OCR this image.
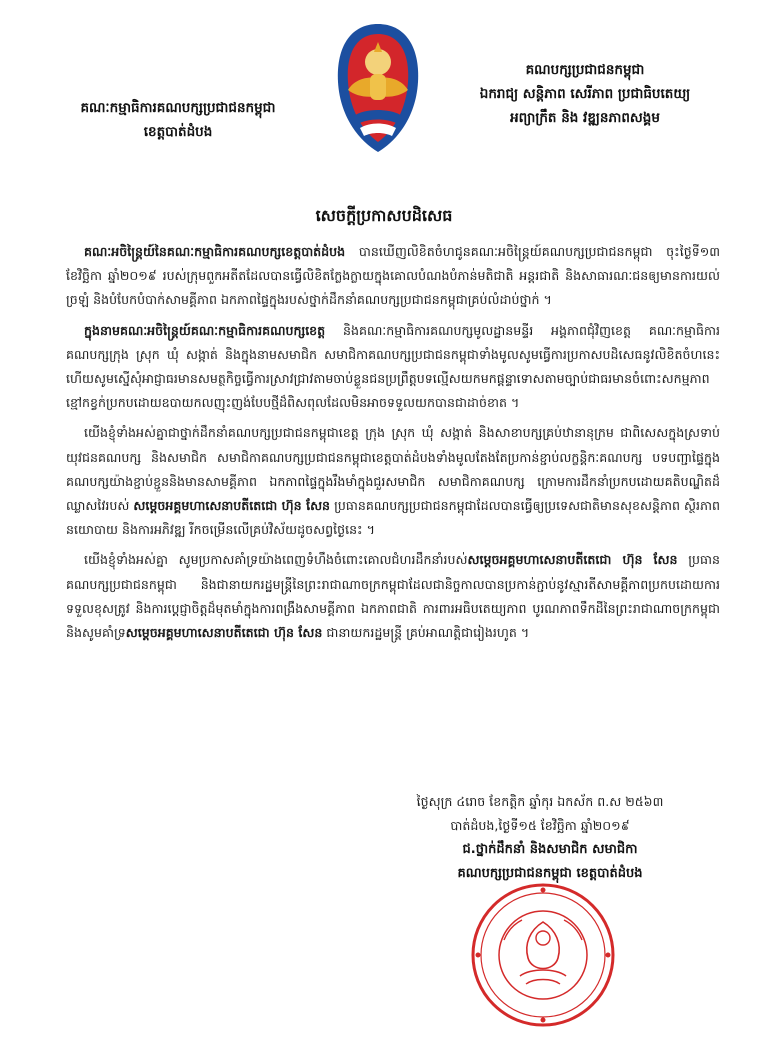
គណៈកម្មាធិការគណបក្សប្រជាជនកម្ពុជា
ខេត្តបាត់ដំបង
គណបក្សប្រជាជនកម្ពុជា
ឯករាជ្យ សន្តិភាព សេរីភាព ប្រជាធិបតេយ្យ
អព្យាក្រឹត និង វឌ្ឍនភាពសង្គម
សេចក្តីប្រកាសបដិសេធ

គណៈអចិន្ត្រៃយ៍នៃគណៈកម្មាធិការគណបក្សខេត្តបាត់ដំបង បានឃើញលិខិតចំហជូនគណៈអចិន្ត្រៃយ៍គណបក្សប្រជាជនកម្ពុជា ចុះថ្ងៃទី១៣ ខែវិច្ឆិកា ឆ្នាំ២០១៩ របស់ក្រុមពួកអតីតដែលបានធ្វើលិខិតក្លែងក្លាយក្នុងគោលបំណងបំភាន់មតិជាតិ អន្តរជាតិ និងសាធារណៈជនឲ្យមានការយល់ច្រឡំ និងបំបែកបំបាក់សាមគ្គីភាព ឯកភាពផ្ទៃក្នុងរបស់ថ្នាក់ដឹកនាំគណបក្សប្រជាជនកម្ពុជាគ្រប់លំដាប់ថ្នាក់ ។

ក្នុងនាមគណៈអចិន្ត្រៃយ៍គណៈកម្មាធិការគណបក្សខេត្ត និងគណៈកម្មាធិការគណបក្សមូលដ្ឋានមន្ទីរ អង្គភាពជុំវិញខេត្ត គណៈកម្មាធិការគណបក្សក្រុង ស្រុក ឃុំ សង្កាត់ និងក្នុងនាមសមាជិក សមាជិកាគណបក្សប្រជាជនកម្ពុជាទាំងមូលសូមធ្វើការប្រកាសបដិសេធនូវលិខិតចំហនេះ ហើយសូមស្នើសុំអាជ្ញាធរមានសមត្ថកិច្ចធ្វើការស្រាវជ្រាវតាមចាប់ខ្លួនជនប្រព្រឹត្តបទល្មើសយកមកផ្តន្ទាទោសតាមច្បាប់ជាធរមានចំពោះសកម្មភាពខ្មៅកខ្វក់ប្រកបដោយឧបាយកលញុះញង់បែបថ្មីដ៏ពិសពុលដែលមិនអាចទទួលយកបានជាដាច់ខាត ។

យើងខ្ញុំទាំងអស់គ្នាជាថ្នាក់ដឹកនាំគណបក្សប្រជាជនកម្ពុជាខេត្ត ក្រុង ស្រុក ឃុំ សង្កាត់ និងសាខាបក្សគ្រប់ឋានានុក្រម ជាពិសេសក្នុងស្រទាប់យុវជនគណបក្ស និងសមាជិក សមាជិកាគណបក្សប្រជាជនកម្ពុជាខេត្តបាត់ដំបងទាំងមូលតែងតែប្រកាន់ខ្ជាប់លក្ខន្តិកៈគណបក្ស បទបញ្ជាផ្ទៃក្នុងគណបក្សយ៉ាងខ្ជាប់ខ្ជួននិងមានសាមគ្គីភាព ឯកភាពផ្ទៃក្នុងរឹងមាំក្នុងជួរសមាជិក សមាជិកាគណបក្ស ក្រោមការដឹកនាំប្រកបដោយគតិបណ្ឌិតដ៏ឈ្លាសវៃរបស់ សម្តេចអគ្គមហាសេនាបតីតេជោ ហ៊ុន សែន ប្រធានគណបក្សប្រជាជនកម្ពុជាដែលបានធ្វើឲ្យប្រទេសជាតិមានសុខសន្តិភាព ស្ថិរភាពនយោបាយ និងការអភិវឌ្ឍ រីកចម្រើនលើគ្រប់វិស័យដូចសព្វថ្ងៃនេះ ។

យើងខ្ញុំទាំងអស់គ្នា សូមប្រកាសគាំទ្រយ៉ាងពេញទំហឹងចំពោះគោលជំហរដឹកនាំរបស់សម្តេចអគ្គមហាសេនាបតីតេជោ ហ៊ុន សែន ប្រធានគណបក្សប្រជាជនកម្ពុជា និងជានាយករដ្ឋមន្ត្រីនៃព្រះរាជាណាចក្រកម្ពុជាដែលជានិច្ចកាលបានប្រកាន់ភ្ជាប់នូវស្មារតីសាមគ្គីភាពប្រកបដោយការទទួលខុសត្រូវ និងការប្តេជ្ញាចិត្តដ៏មុតមាំក្នុងការពង្រឹងសាមគ្គីភាព ឯកភាពជាតិ ការពារអធិបតេយ្យភាព បូរណភាពទឹកដីនៃព្រះរាជាណាចក្រកម្ពុជា និងសូមគាំទ្រសម្តេចអគ្គមហាសេនាបតីតេជោ ហ៊ុន សែន ជានាយករដ្ឋមន្ត្រី គ្រប់អាណត្តិជារៀងរហូត ។

ថ្ងៃសុក្រ ៤រោច ខែកត្តិក ឆ្នាំកុរ ឯកស័ក ព.ស ២៥៦៣
បាត់ដំបង,ថ្ងៃទី១៥ ខែវិច្ឆិកា ឆ្នាំ២០១៩
ជ.ថ្នាក់ដឹកនាំ និងសមាជិក សមាជិកា
គណបក្សប្រជាជនកម្ពុជា ខេត្តបាត់ដំបង
